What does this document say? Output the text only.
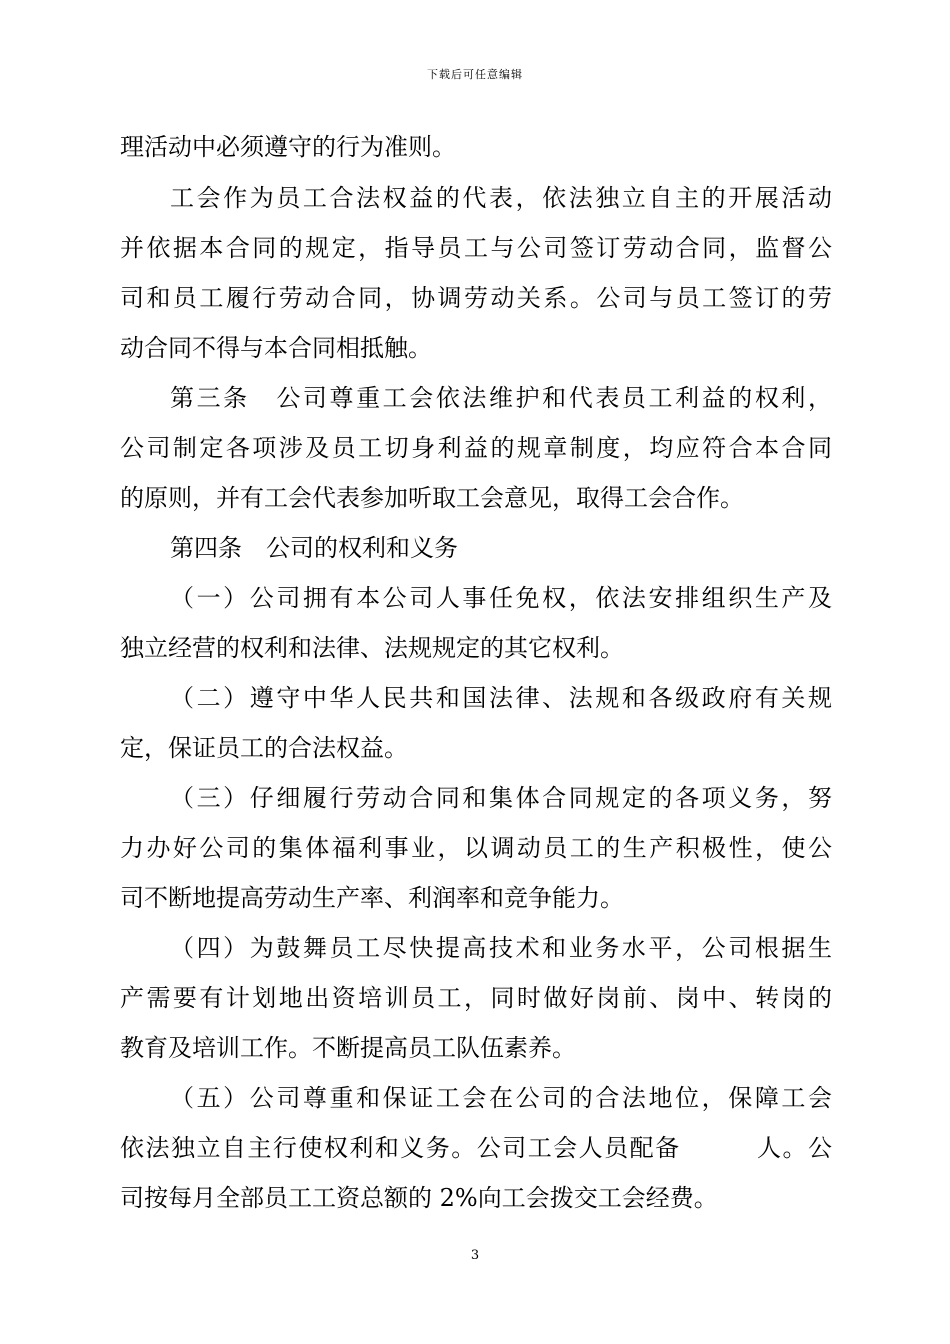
下载后可任意编辑
理活动中必须遵守的行为准则。
工会作为员工合法权益的代表，依法独立自主的开展活动
并依据本合同的规定，指导员工与公司签订劳动合同，监督公
司和员工履行劳动合同，协调劳动关系。公司与员工签订的劳
动合同不得与本合同相抵触。
第三条　公司尊重工会依法维护和代表员工利益的权利，
公司制定各项涉及员工切身利益的规章制度，均应符合本合同
的原则，并有工会代表参加听取工会意见，取得工会合作。
第四条　公司的权利和义务
（一）公司拥有本公司人事任免权，依法安排组织生产及
独立经营的权利和法律、法规规定的其它权利。
（二）遵守中华人民共和国法律、法规和各级政府有关规
定，保证员工的合法权益。
（三）仔细履行劳动合同和集体合同规定的各项义务，努
力办好公司的集体福利事业，以调动员工的生产积极性，使公
司不断地提高劳动生产率、利润率和竞争能力。
（四）为鼓舞员工尽快提高技术和业务水平，公司根据生
产需要有计划地出资培训员工，同时做好岗前、岗中、转岗的
教育及培训工作。不断提高员工队伍素养。
（五）公司尊重和保证工会在公司的合法地位，保障工会
依法独立自主行使权利和义务。公司工会人员配备　　　人。公
司按每月全部员工工资总额的 2%向工会拨交工会经费。
3
